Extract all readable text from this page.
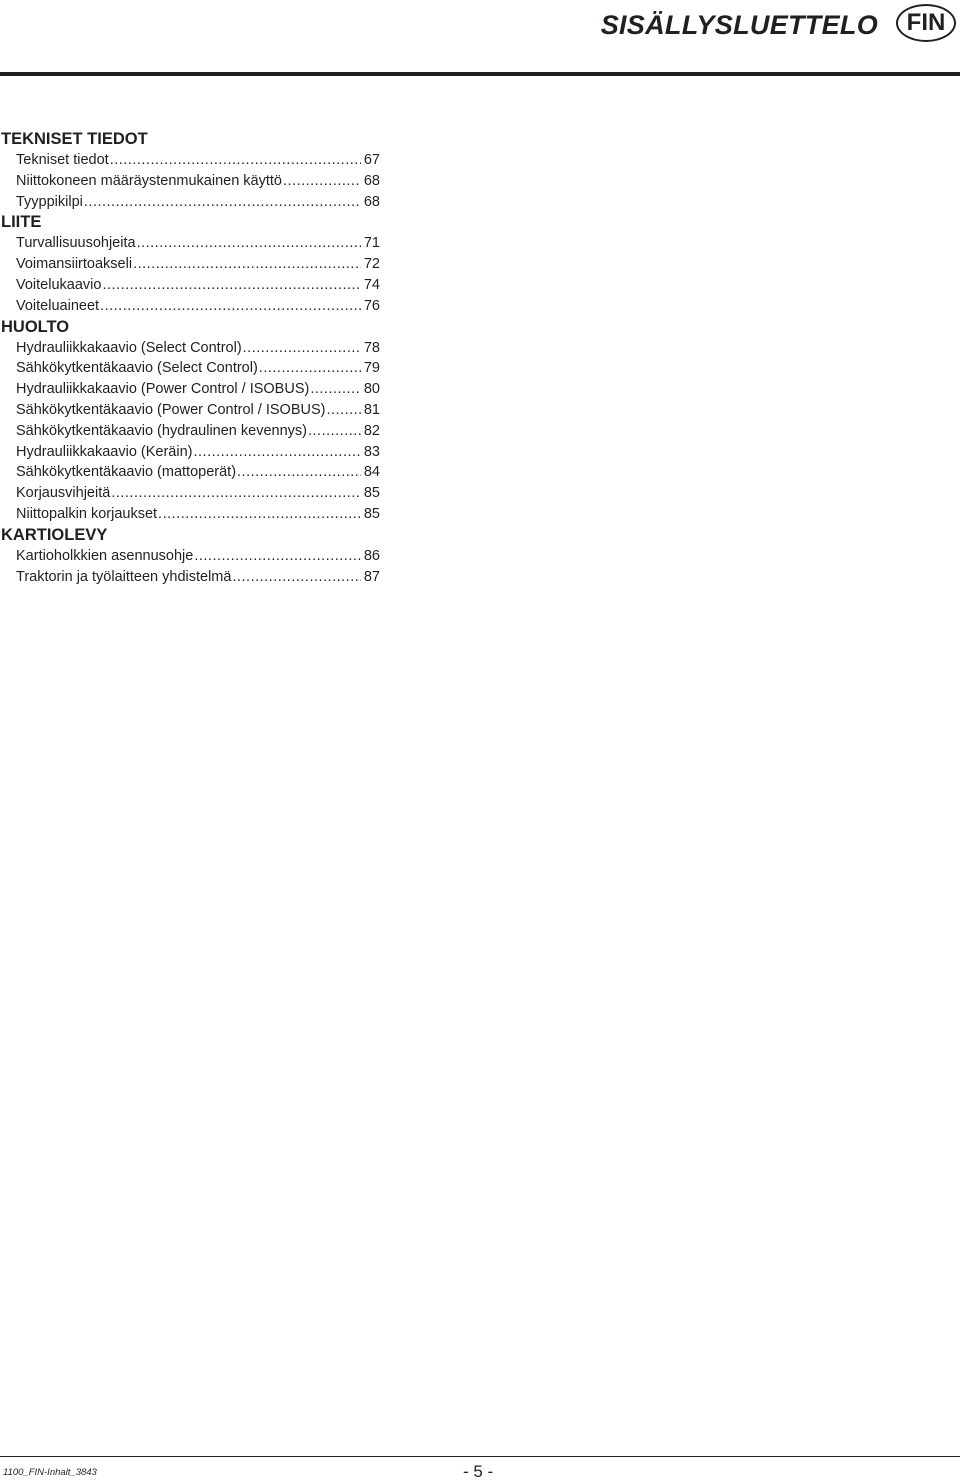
SISÄLLYSLUETTELO	FIN
TEKNISET TIEDOT
Tekniset tiedot .....	67
Niittokoneen määräystenmukainen käyttö .....	68
Tyyppikilpi .....	68
LIITE
Turvallisuusohjeita .....	71
Voimansiirtoakseli .....	72
Voitelukaavio .....	74
Voiteluaineet .....	76
HUOLTO
Hydrauliikkakaavio (Select Control) .....	78
Sähkökytkentäkaavio (Select Control) .....	79
Hydrauliikkakaavio (Power Control / ISOBUS) .....	80
Sähkökytkentäkaavio (Power Control / ISOBUS) .....	81
Sähkökytkentäkaavio (hydraulinen kevennys) .....	82
Hydrauliikkakaavio (Keräin) .....	83
Sähkökytkentäkaavio (mattoperät) .....	84
Korjausvihjeitä .....	85
Niittopalkin korjaukset .....	85
KARTIOLEVY
Kartioholkkien asennusohje .....	86
Traktorin ja työlaitteen yhdistelmä .....	87
1100_FIN-Inhalt_3843	- 5 -
